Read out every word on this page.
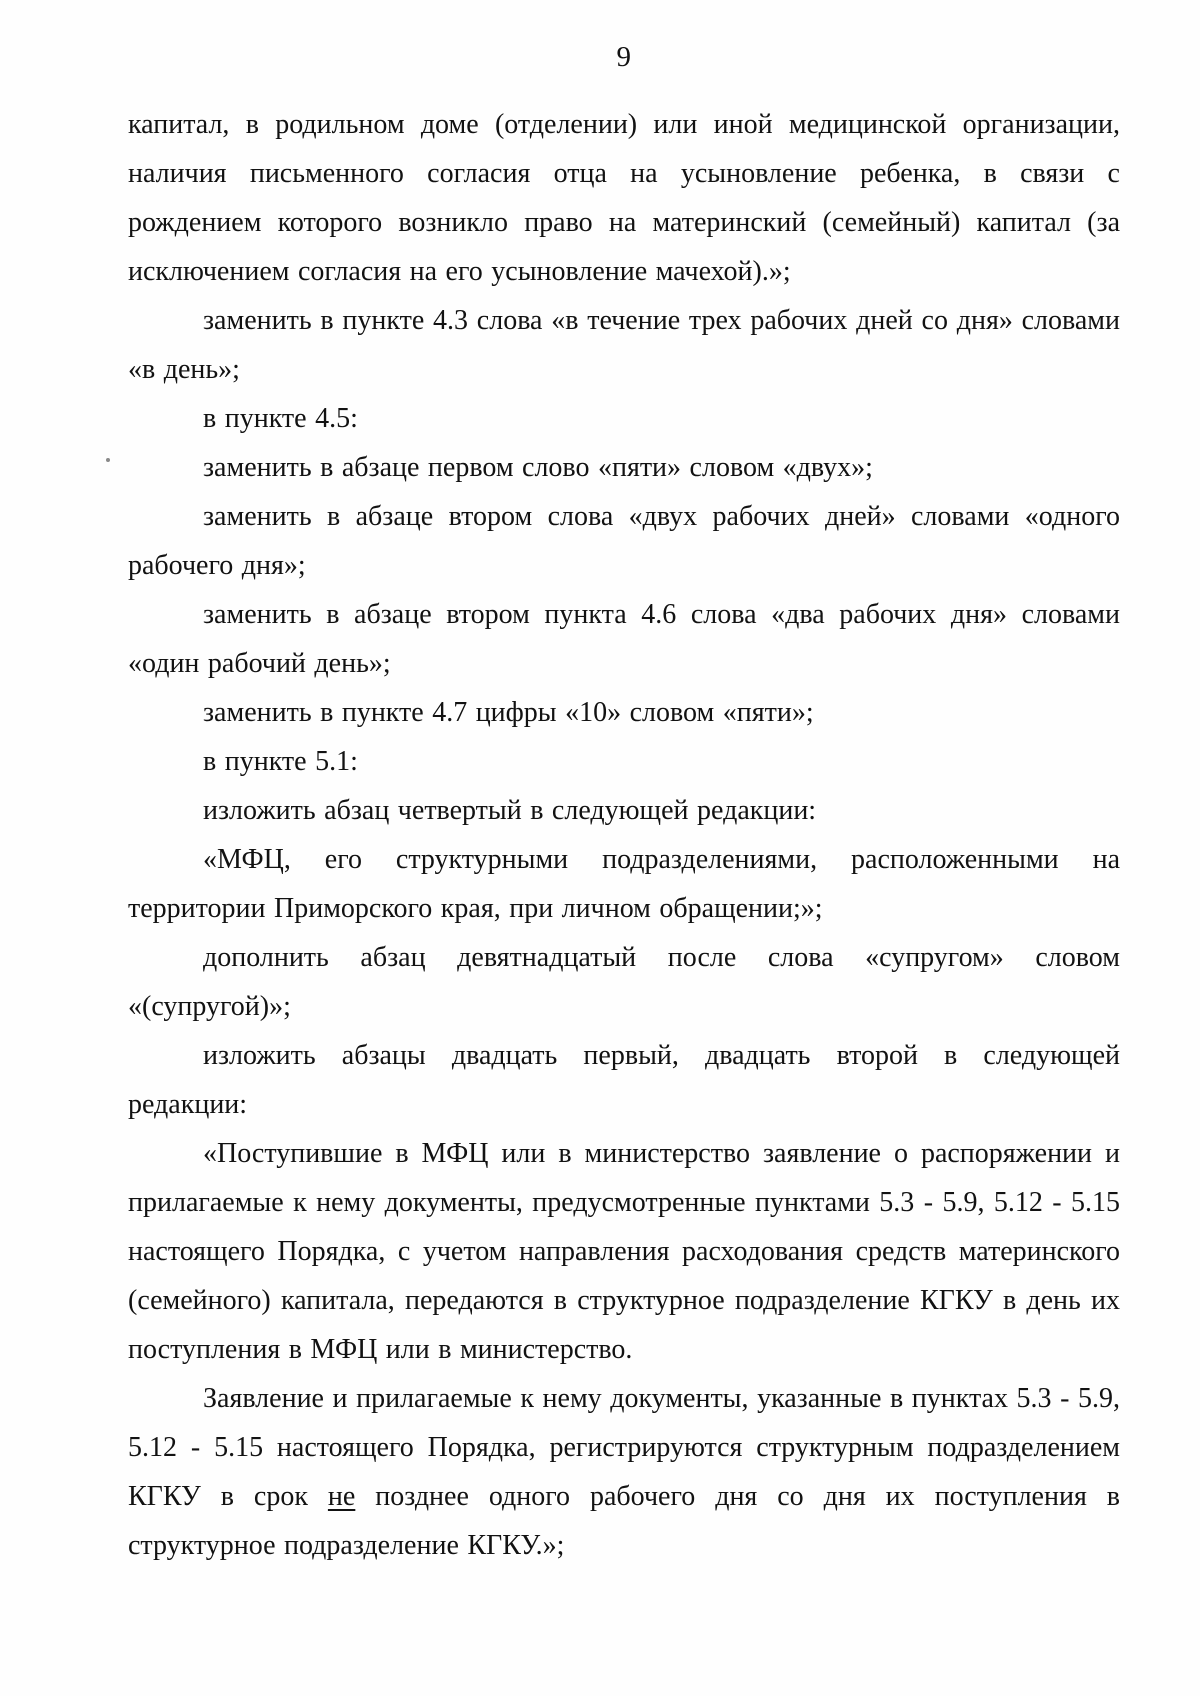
9

капитал, в родильном доме (отделении) или иной медицинской организации, наличия письменного согласия отца на усыновление ребенка, в связи с рождением которого возникло право на материнский (семейный) капитал (за исключением согласия на его усыновление мачехой).»;

заменить в пункте 4.3 слова «в течение трех рабочих дней со дня» словами «в день»;

в пункте 4.5:

заменить в абзаце первом слово «пяти» словом «двух»;

заменить в абзаце втором слова «двух рабочих дней» словами «одного рабочего дня»;

заменить в абзаце втором пункта 4.6 слова «два рабочих дня» словами «один рабочий день»;

заменить в пункте 4.7 цифры «10» словом «пяти»;

в пункте 5.1:

изложить абзац четвертый в следующей редакции:

«МФЦ, его структурными подразделениями, расположенными на территории Приморского края, при личном обращении;»;

дополнить абзац девятнадцатый после слова «супругом» словом «(супругой)»;

изложить абзацы двадцать первый, двадцать второй в следующей редакции:

«Поступившие в МФЦ или в министерство заявление о распоряжении и прилагаемые к нему документы, предусмотренные пунктами 5.3 - 5.9, 5.12 - 5.15 настоящего Порядка, с учетом направления расходования средств материнского (семейного) капитала, передаются в структурное подразделение КГКУ в день их поступления в МФЦ или в министерство.

Заявление и прилагаемые к нему документы, указанные в пунктах 5.3 - 5.9, 5.12 - 5.15 настоящего Порядка, регистрируются структурным подразделением КГКУ в срок не позднее одного рабочего дня со дня их поступления в структурное подразделение КГКУ.»;
